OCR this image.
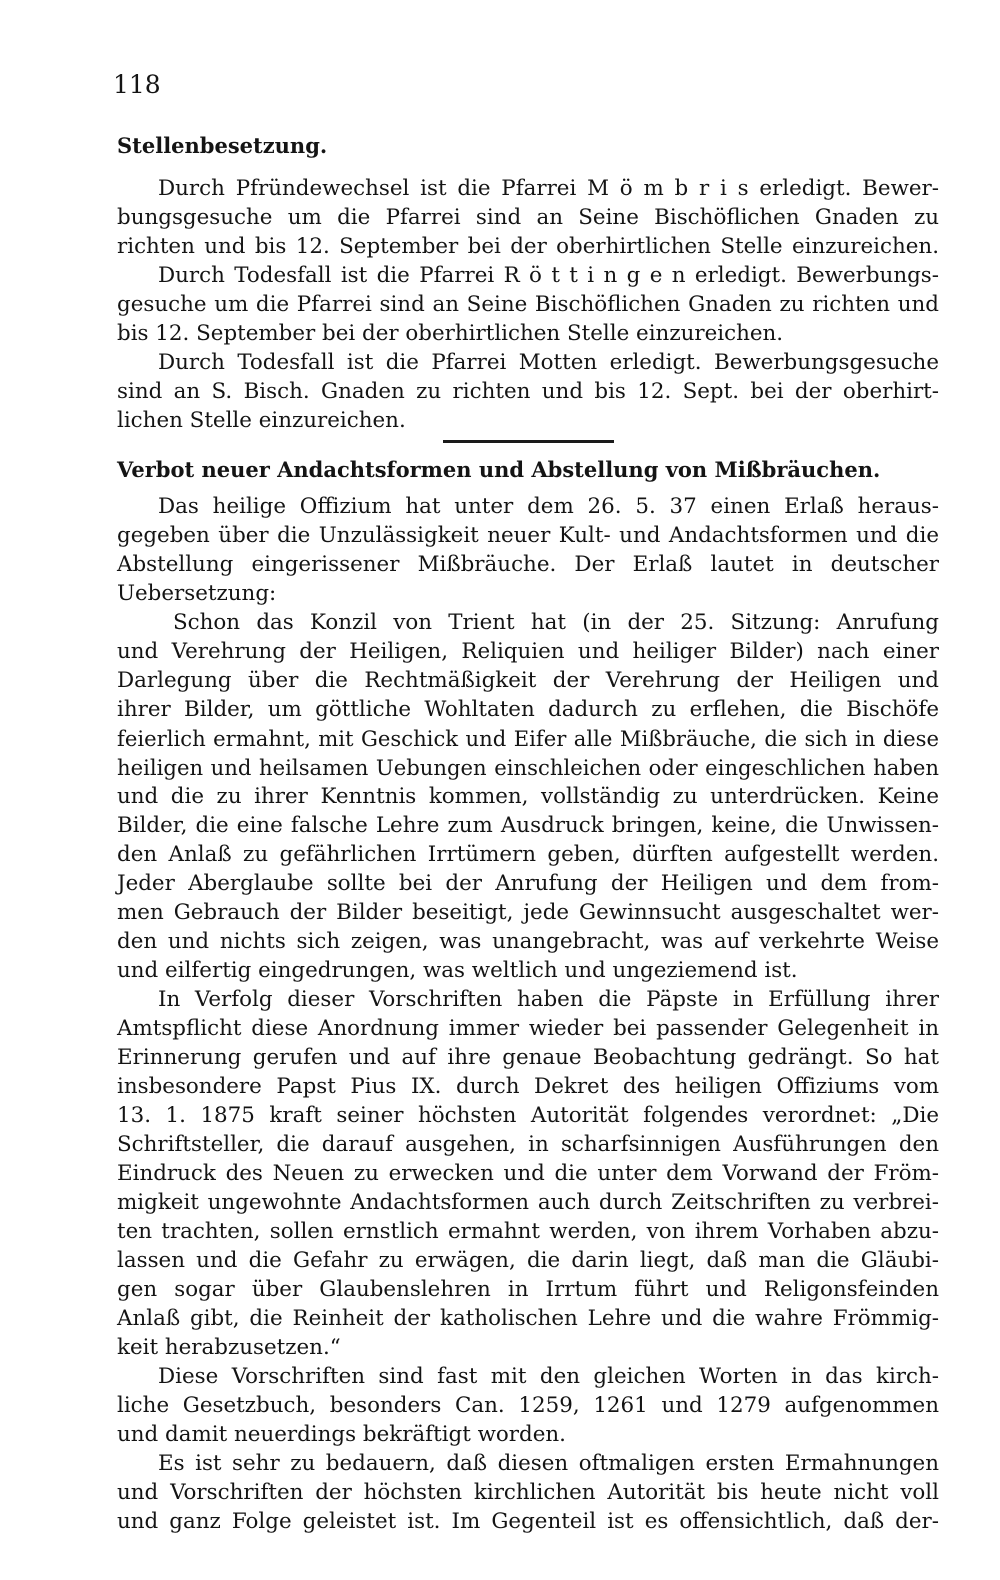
118
Stellenbesetzung.
Durch Pfründewechsel ist die Pfarrei M ö m b r i s erledigt. Bewer-
bungsgesuche um die Pfarrei sind an Seine Bischöflichen Gnaden zu
richten und bis 12. September bei der oberhirtlichen Stelle einzureichen.
Durch Todesfall ist die Pfarrei R ö t t i n g e n erledigt. Bewerbungs-
gesuche um die Pfarrei sind an Seine Bischöflichen Gnaden zu richten und
bis 12. September bei der oberhirtlichen Stelle einzureichen.
Durch Todesfall ist die Pfarrei Motten erledigt. Bewerbungsgesuche
sind an S. Bisch. Gnaden zu richten und bis 12. Sept. bei der oberhirt-
lichen Stelle einzureichen.
Verbot neuer Andachtsformen und Abstellung von Mißbräuchen.
Das heilige Offizium hat unter dem 26. 5. 37 einen Erlaß heraus-
gegeben über die Unzulässigkeit neuer Kult- und Andachtsformen und die
Abstellung eingerissener Mißbräuche. Der Erlaß lautet in deutscher
Uebersetzung:
Schon das Konzil von Trient hat (in der 25. Sitzung: Anrufung
und Verehrung der Heiligen, Reliquien und heiliger Bilder) nach einer
Darlegung über die Rechtmäßigkeit der Verehrung der Heiligen und
ihrer Bilder, um göttliche Wohltaten dadurch zu erflehen, die Bischöfe
feierlich ermahnt, mit Geschick und Eifer alle Mißbräuche, die sich in diese
heiligen und heilsamen Uebungen einschleichen oder eingeschlichen haben
und die zu ihrer Kenntnis kommen, vollständig zu unterdrücken. Keine
Bilder, die eine falsche Lehre zum Ausdruck bringen, keine, die Unwissen-
den Anlaß zu gefährlichen Irrtümern geben, dürften aufgestellt werden.
Jeder Aberglaube sollte bei der Anrufung der Heiligen und dem from-
men Gebrauch der Bilder beseitigt, jede Gewinnsucht ausgeschaltet wer-
den und nichts sich zeigen, was unangebracht, was auf verkehrte Weise
und eilfertig eingedrungen, was weltlich und ungeziemend ist.
In Verfolg dieser Vorschriften haben die Päpste in Erfüllung ihrer
Amtspflicht diese Anordnung immer wieder bei passender Gelegenheit in
Erinnerung gerufen und auf ihre genaue Beobachtung gedrängt. So hat
insbesondere Papst Pius IX. durch Dekret des heiligen Offiziums vom
13. 1. 1875 kraft seiner höchsten Autorität folgendes verordnet: „Die
Schriftsteller, die darauf ausgehen, in scharfsinnigen Ausführungen den
Eindruck des Neuen zu erwecken und die unter dem Vorwand der Fröm-
migkeit ungewohnte Andachtsformen auch durch Zeitschriften zu verbrei-
ten trachten, sollen ernstlich ermahnt werden, von ihrem Vorhaben abzu-
lassen und die Gefahr zu erwägen, die darin liegt, daß man die Gläubi-
gen sogar über Glaubenslehren in Irrtum führt und Religonsfeinden
Anlaß gibt, die Reinheit der katholischen Lehre und die wahre Frömmig-
keit herabzusetzen.“
Diese Vorschriften sind fast mit den gleichen Worten in das kirch-
liche Gesetzbuch, besonders Can. 1259, 1261 und 1279 aufgenommen
und damit neuerdings bekräftigt worden.
Es ist sehr zu bedauern, daß diesen oftmaligen ersten Ermahnungen
und Vorschriften der höchsten kirchlichen Autorität bis heute nicht voll
und ganz Folge geleistet ist. Im Gegenteil ist es offensichtlich, daß der-
